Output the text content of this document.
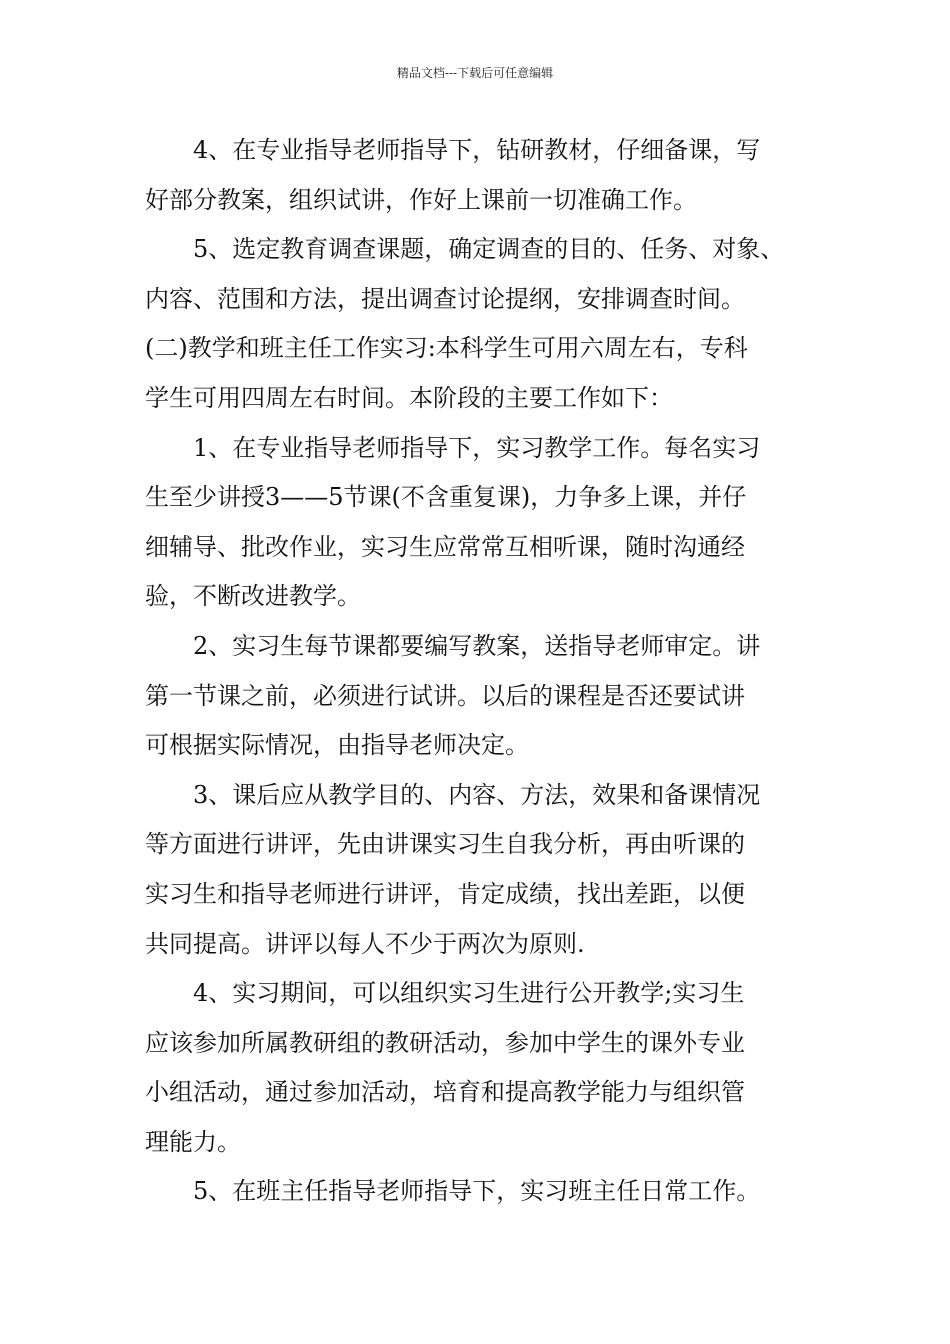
精品文档---下载后可任意编辑
4、在专业指导老师指导下，钻研教材，仔细备课，写
好部分教案，组织试讲，作好上课前一切准确工作。
5、选定教育调查课题，确定调查的目的、任务、对象、
内容、范围和方法，提出调查讨论提纲，安排调查时间。
(二)教学和班主任工作实习:本科学生可用六周左右，专科
学生可用四周左右时间。本阶段的主要工作如下：
1、在专业指导老师指导下，实习教学工作。每名实习
生至少讲授3——5节课(不含重复课)，力争多上课，并仔
细辅导、批改作业，实习生应常常互相听课，随时沟通经
验，不断改进教学。
2、实习生每节课都要编写教案，送指导老师审定。讲
第一节课之前，必须进行试讲。以后的课程是否还要试讲
可根据实际情况，由指导老师决定。
3、课后应从教学目的、内容、方法，效果和备课情况
等方面进行讲评，先由讲课实习生自我分析，再由听课的
实习生和指导老师进行讲评，肯定成绩，找出差距，以便
共同提高。讲评以每人不少于两次为原则.
4、实习期间，可以组织实习生进行公开教学;实习生
应该参加所属教研组的教研活动，参加中学生的课外专业
小组活动，通过参加活动，培育和提高教学能力与组织管
理能力。
5、在班主任指导老师指导下，实习班主任日常工作。
